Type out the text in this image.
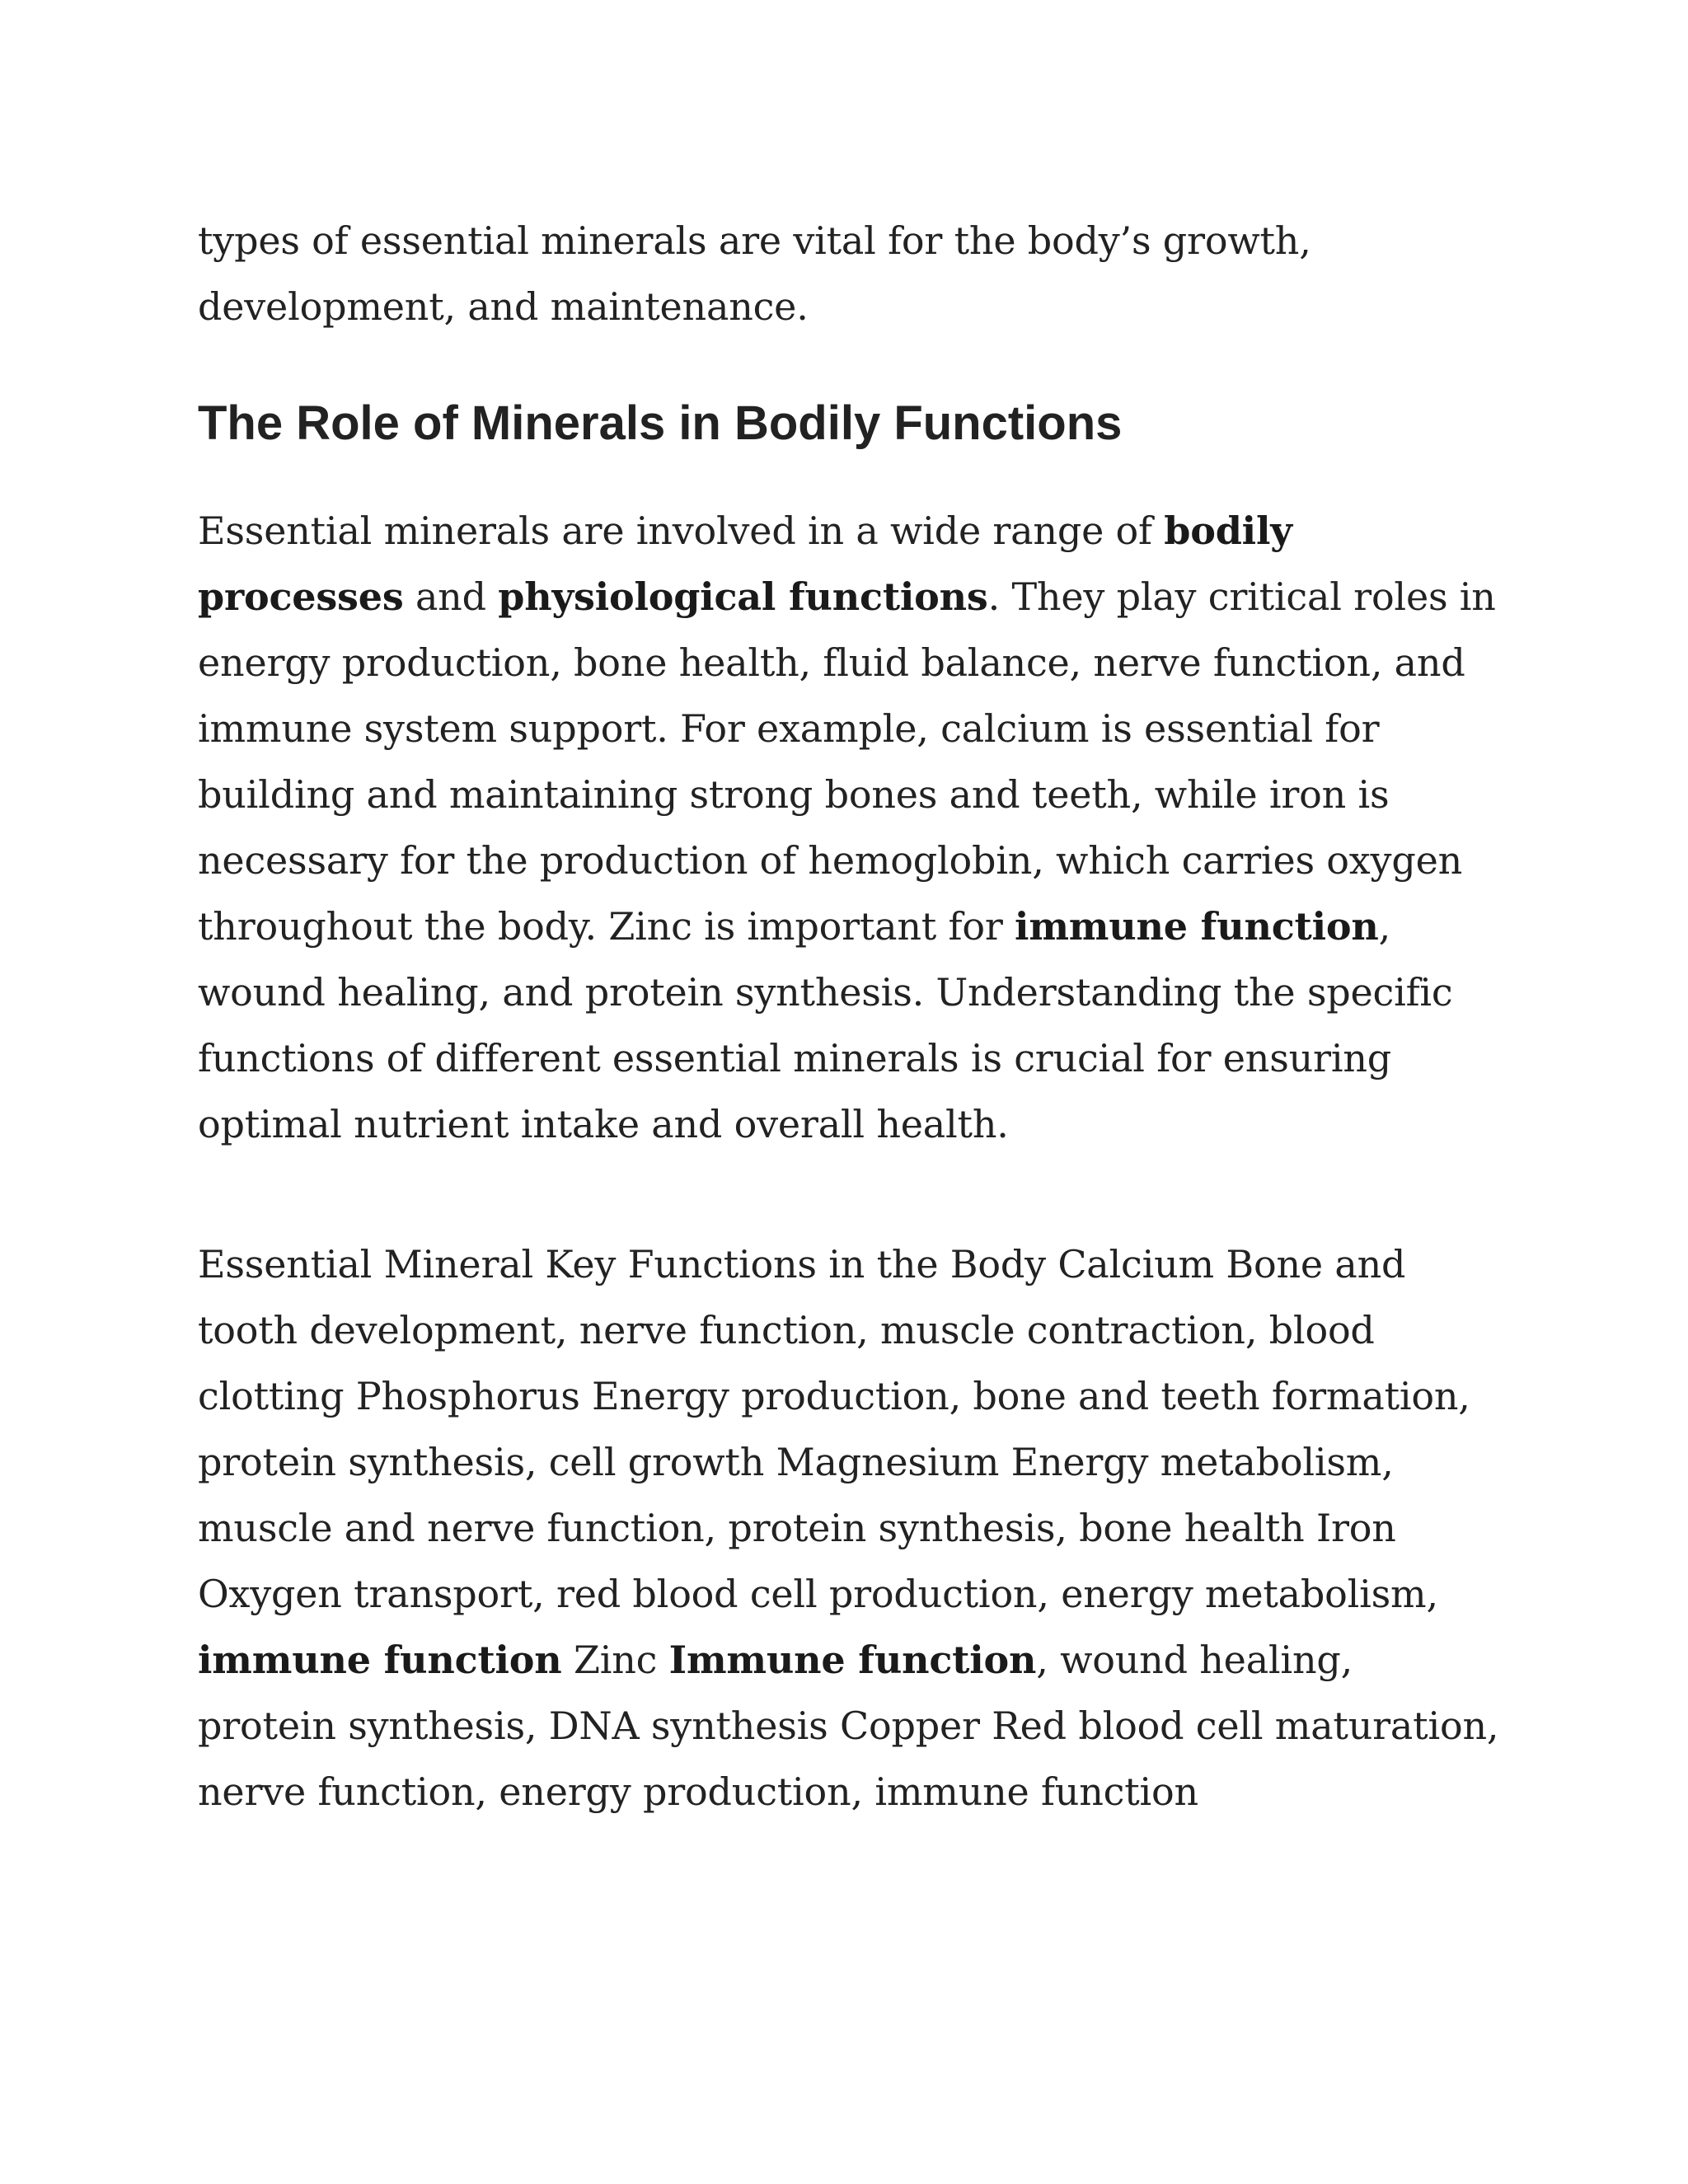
types of essential minerals are vital for the body’s growth,
development, and maintenance.

The Role of Minerals in Bodily Functions

Essential minerals are involved in a wide range of bodily processes and physiological functions. They play critical roles in energy production, bone health, fluid balance, nerve function, and immune system support. For example, calcium is essential for building and maintaining strong bones and teeth, while iron is necessary for the production of hemoglobin, which carries oxygen throughout the body. Zinc is important for immune function, wound healing, and protein synthesis. Understanding the specific functions of different essential minerals is crucial for ensuring optimal nutrient intake and overall health.

Essential Mineral Key Functions in the Body Calcium Bone and tooth development, nerve function, muscle contraction, blood clotting Phosphorus Energy production, bone and teeth formation, protein synthesis, cell growth Magnesium Energy metabolism, muscle and nerve function, protein synthesis, bone health Iron Oxygen transport, red blood cell production, energy metabolism, immune function Zinc Immune function, wound healing, protein synthesis, DNA synthesis Copper Red blood cell maturation, nerve function, energy production, immune function
